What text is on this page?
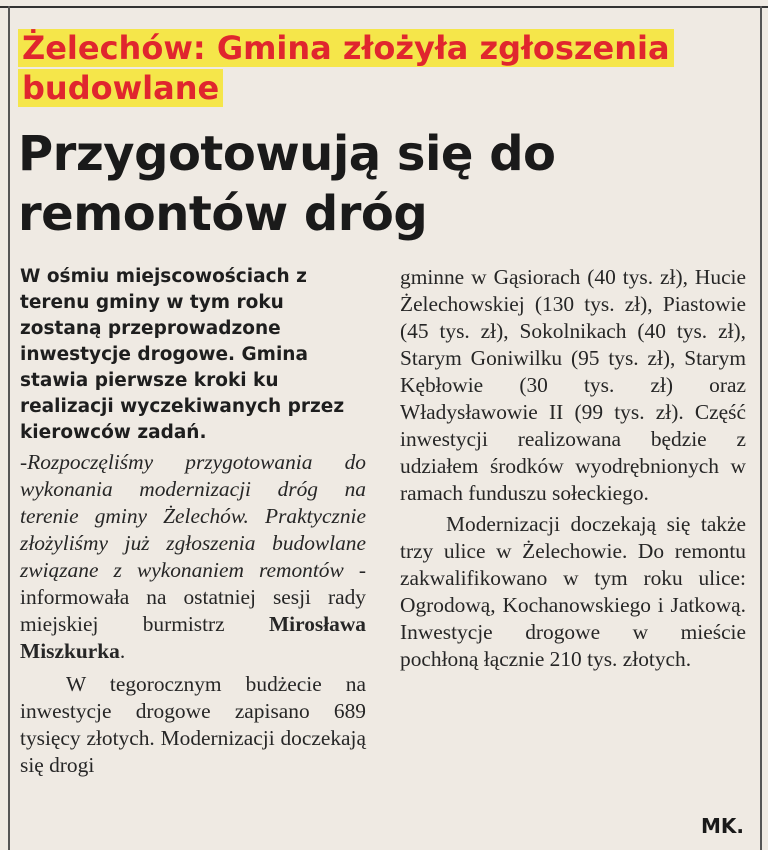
Żelechów: Gmina złożyła zgłoszenia budowlane
Przygotowują się do remontów dróg

W ośmiu miejscowościach z terenu gminy w tym roku zostaną przeprowadzone inwestycje drogowe. Gmina stawia pierwsze kroki ku realizacji wyczekiwanych przez kierowców zadań.

-Rozpoczęliśmy przygotowania do wykonania modernizacji dróg na terenie gminy Żelechów. Praktycznie złożyliśmy już zgłoszenia budowlane związane z wykonaniem remontów -informowała na ostatniej sesji rady miejskiej burmistrz Mirosława Miszkurka.

W tegorocznym budżecie na inwestycje drogowe zapisano 689 tysięcy złotych. Modernizacji doczekają się drogi

gminne w Gąsiorach (40 tys. zł), Hucie Żelechowskiej (130 tys. zł), Piastowie (45 tys. zł), Sokolnikach (40 tys. zł), Starym Goniwilku (95 tys. zł), Starym Kębłowie (30 tys. zł) oraz Władysławowie II (99 tys. zł). Część inwestycji realizowana będzie z udziałem środków wyodrębnionych w ramach funduszu sołeckiego.

Modernizacji doczekają się także trzy ulice w Żelechowie. Do remontu zakwalifikowano w tym roku ulice: Ogrodową, Kochanowskiego i Jatkową. Inwestycje drogowe w mieście pochłoną łącznie 210 tys. złotych.

MK.
